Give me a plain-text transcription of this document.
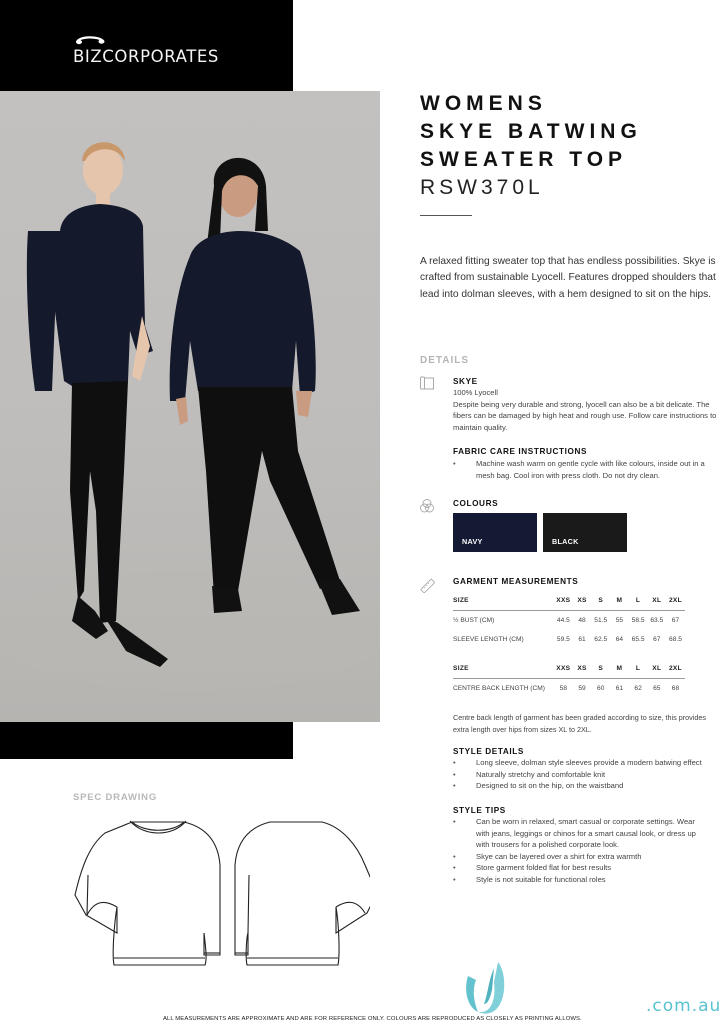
BIZCORPORATES
WOMENS
SKYE BATWING
SWEATER TOP
RSW370L

A relaxed fitting sweater top that has endless possibilities. Skye is crafted from sustainable Lyocell. Features dropped shoulders that lead into dolman sleeves, with a hem designed to sit on the hips.

DETAILS
SKYE
100% Lyocell
Despite being very durable and strong, lyocell can also be a bit delicate. The fibers can be damaged by high heat and rough use. Follow care instructions to maintain quality.
FABRIC CARE INSTRUCTIONS
• Machine wash warm on gentle cycle with like colours, inside out in a mesh bag. Cool iron with press cloth. Do not dry clean.
COLOURS
NAVY	BLACK
GARMENT MEASUREMENTS
SIZE	XXS	XS	S	M	L	XL	2XL
½ BUST (CM)	44.5	48	51.5	55	58.5	63.5	67
SLEEVE LENGTH (CM)	59.5	61	62.5	64	65.5	67	68.5
SIZE	XXS	XS	S	M	L	XL	2XL
CENTRE BACK LENGTH (CM)	58	59	60	61	62	65	68

Centre back length of garment has been graded according to size, this provides extra length over hips from sizes XL to 2XL.

STYLE DETAILS
• Long sleeve, dolman style sleeves provide a modern batwing effect
• Naturally stretchy and comfortable knit
• Designed to sit on the hip, on the waistband
STYLE TIPS
• Can be worn in relaxed, smart casual or corporate settings. Wear with jeans, leggings or chinos for a smart causal look, or dress up with trousers for a polished corporate look.
• Skye can be layered over a shirt for extra warmth
• Store garment folded flat for best results
• Style is not suitable for functional roles
SPEC DRAWING
.com.au
ALL MEASUREMENTS ARE APPROXIMATE AND ARE FOR REFERENCE ONLY. COLOURS ARE REPRODUCED AS CLOSELY AS PRINTING ALLOWS.
